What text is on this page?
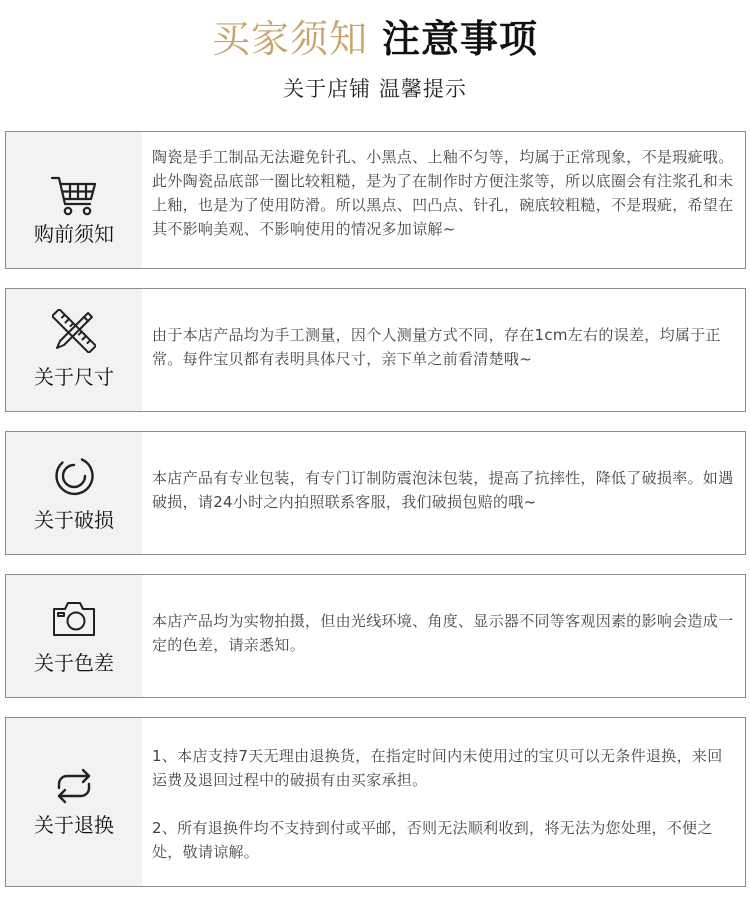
买家须知 注意事项
关于店铺 温馨提示
购前须知

陶瓷是手工制品无法避免针孔、小黑点、上釉不匀等，均属于正常现象，不是瑕疵哦。此外陶瓷品底部一圈比较粗糙，是为了在制作时方便注浆等，所以底圈会有注浆孔和未上釉，也是为了使用防滑。所以黑点、凹凸点、针孔，碗底较粗糙，不是瑕疵，希望在其不影响美观、不影响使用的情况多加谅解~

关于尺寸

由于本店产品均为手工测量，因个人测量方式不同，存在1cm左右的误差，均属于正常。每件宝贝都有表明具体尺寸，亲下单之前看清楚哦~

关于破损

本店产品有专业包装，有专门订制防震泡沫包装，提高了抗摔性，降低了破损率。如遇破损，请24小时之内拍照联系客服，我们破损包赔的哦~

关于色差

本店产品均为实物拍摄，但由光线环境、角度、显示器不同等客观因素的影响会造成一定的色差，请亲悉知。

关于退换

1、本店支持7天无理由退换货，在指定时间内未使用过的宝贝可以无条件退换，来回运费及退回过程中的破损有由买家承担。

2、所有退换件均不支持到付或平邮，否则无法顺利收到，将无法为您处理，不便之处，敬请谅解。
